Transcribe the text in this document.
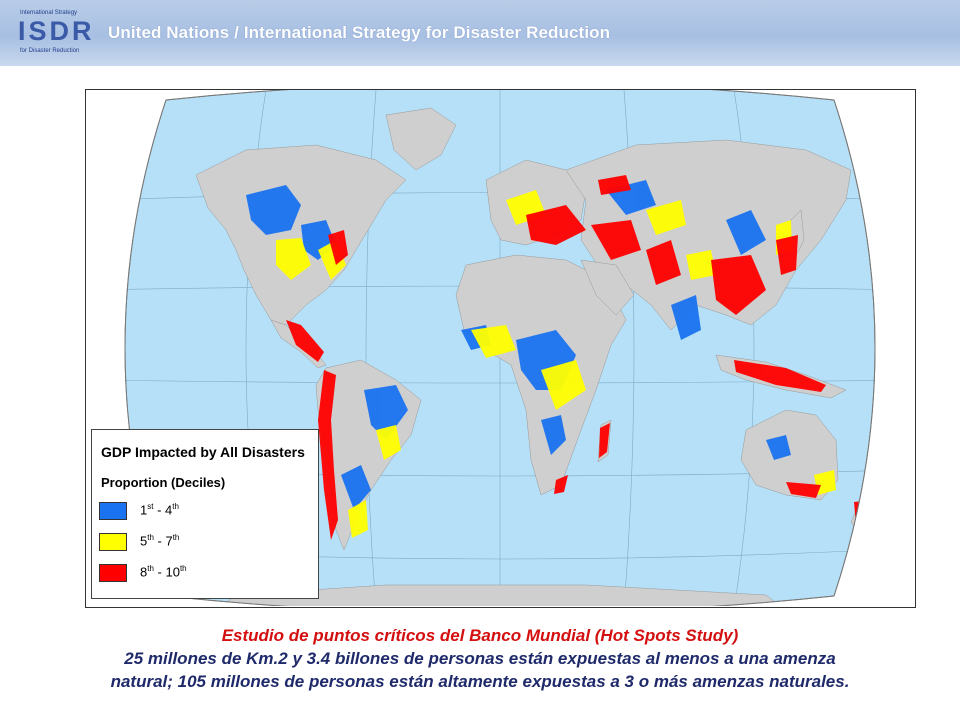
International Strategy
ISDR
for Disaster Reduction
United Nations / International Strategy for Disaster Reduction
GDP Impacted by All Disasters
Proportion (Deciles)
1st - 4th
5th - 7th
8th - 10th
Estudio de puntos críticos del Banco Mundial (Hot Spots Study)
25 millones de Km.2 y 3.4 billones de personas están expuestas al menos a una amenza
natural; 105 millones de personas están altamente expuestas a 3 o más amenzas naturales.
